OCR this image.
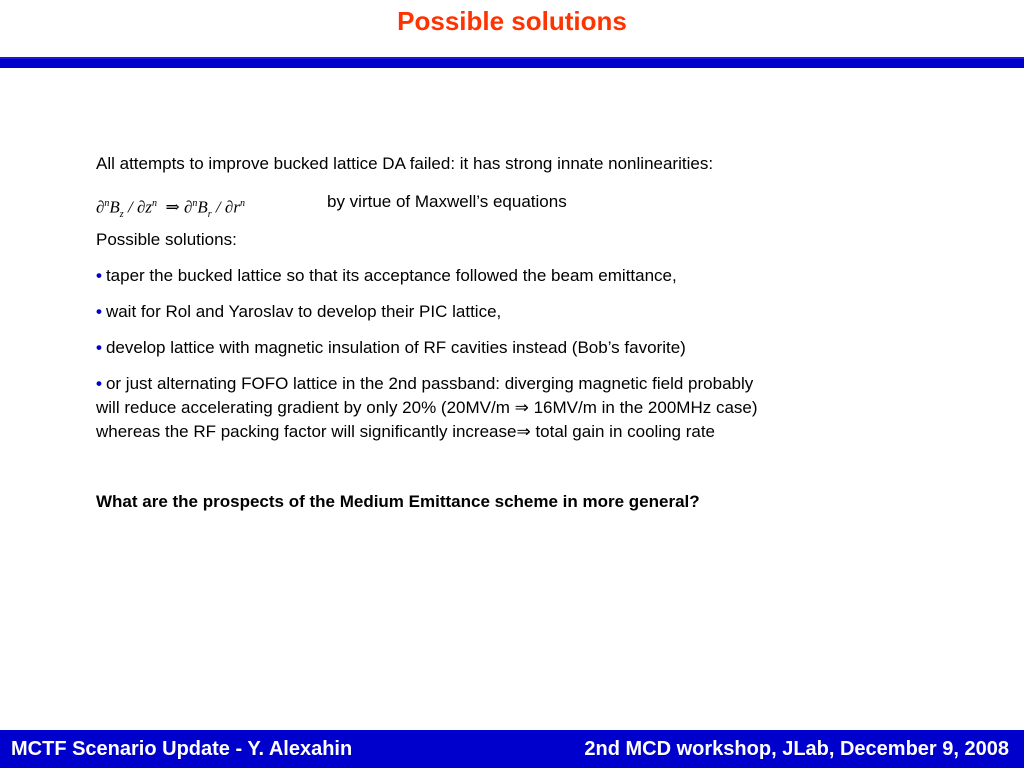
Possible solutions
All attempts to improve bucked lattice DA failed: it has strong innate nonlinearities:
$\partial^nB_z / \partial z^n$ ⇒ $\partial^nB_r / \partial r^n$	by virtue of Maxwell’s equations
Possible solutions:
• taper the bucked lattice so that its acceptance followed the beam emittance,
• wait for Rol and Yaroslav to develop their PIC lattice,
• develop lattice with magnetic insulation of RF cavities instead (Bob’s favorite)
• or just alternating FOFO lattice in the 2nd passband: diverging magnetic field probably
will reduce accelerating gradient by only 20% (20MV/m ⇒ 16MV/m in the 200MHz case)
whereas the RF packing factor will significantly increase⇒ total gain in cooling rate
What are the prospects of the Medium Emittance scheme in more general?
MCTF Scenario Update - Y. Alexahin	2nd MCD workshop, JLab, December 9, 2008
